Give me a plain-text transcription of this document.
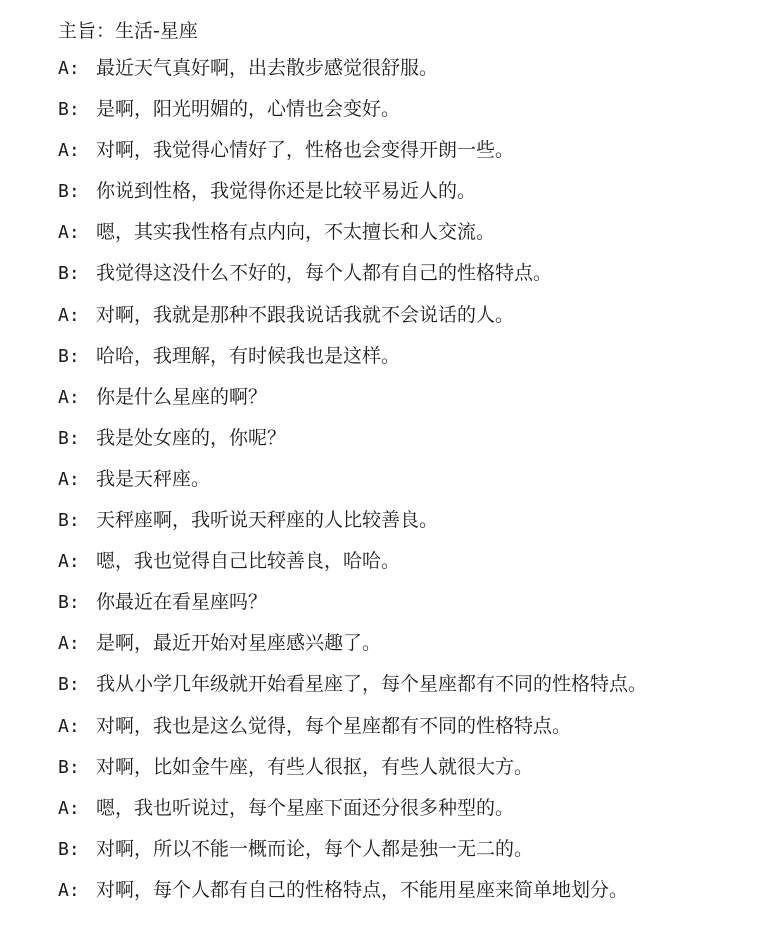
主旨：生活-星座
A: 最近天气真好啊，出去散步感觉很舒服。
B: 是啊，阳光明媚的，心情也会变好。
A: 对啊，我觉得心情好了，性格也会变得开朗一些。
B: 你说到性格，我觉得你还是比较平易近人的。
A: 嗯，其实我性格有点内向，不太擅长和人交流。
B: 我觉得这没什么不好的，每个人都有自己的性格特点。
A: 对啊，我就是那种不跟我说话我就不会说话的人。
B: 哈哈，我理解，有时候我也是这样。
A: 你是什么星座的啊？
B: 我是处女座的，你呢？
A: 我是天秤座。
B: 天秤座啊，我听说天秤座的人比较善良。
A: 嗯，我也觉得自己比较善良，哈哈。
B: 你最近在看星座吗？
A: 是啊，最近开始对星座感兴趣了。
B: 我从小学几年级就开始看星座了，每个星座都有不同的性格特点。
A: 对啊，我也是这么觉得，每个星座都有不同的性格特点。
B: 对啊，比如金牛座，有些人很抠，有些人就很大方。
A: 嗯，我也听说过，每个星座下面还分很多种型的。
B: 对啊，所以不能一概而论，每个人都是独一无二的。
A: 对啊，每个人都有自己的性格特点，不能用星座来简单地划分。
